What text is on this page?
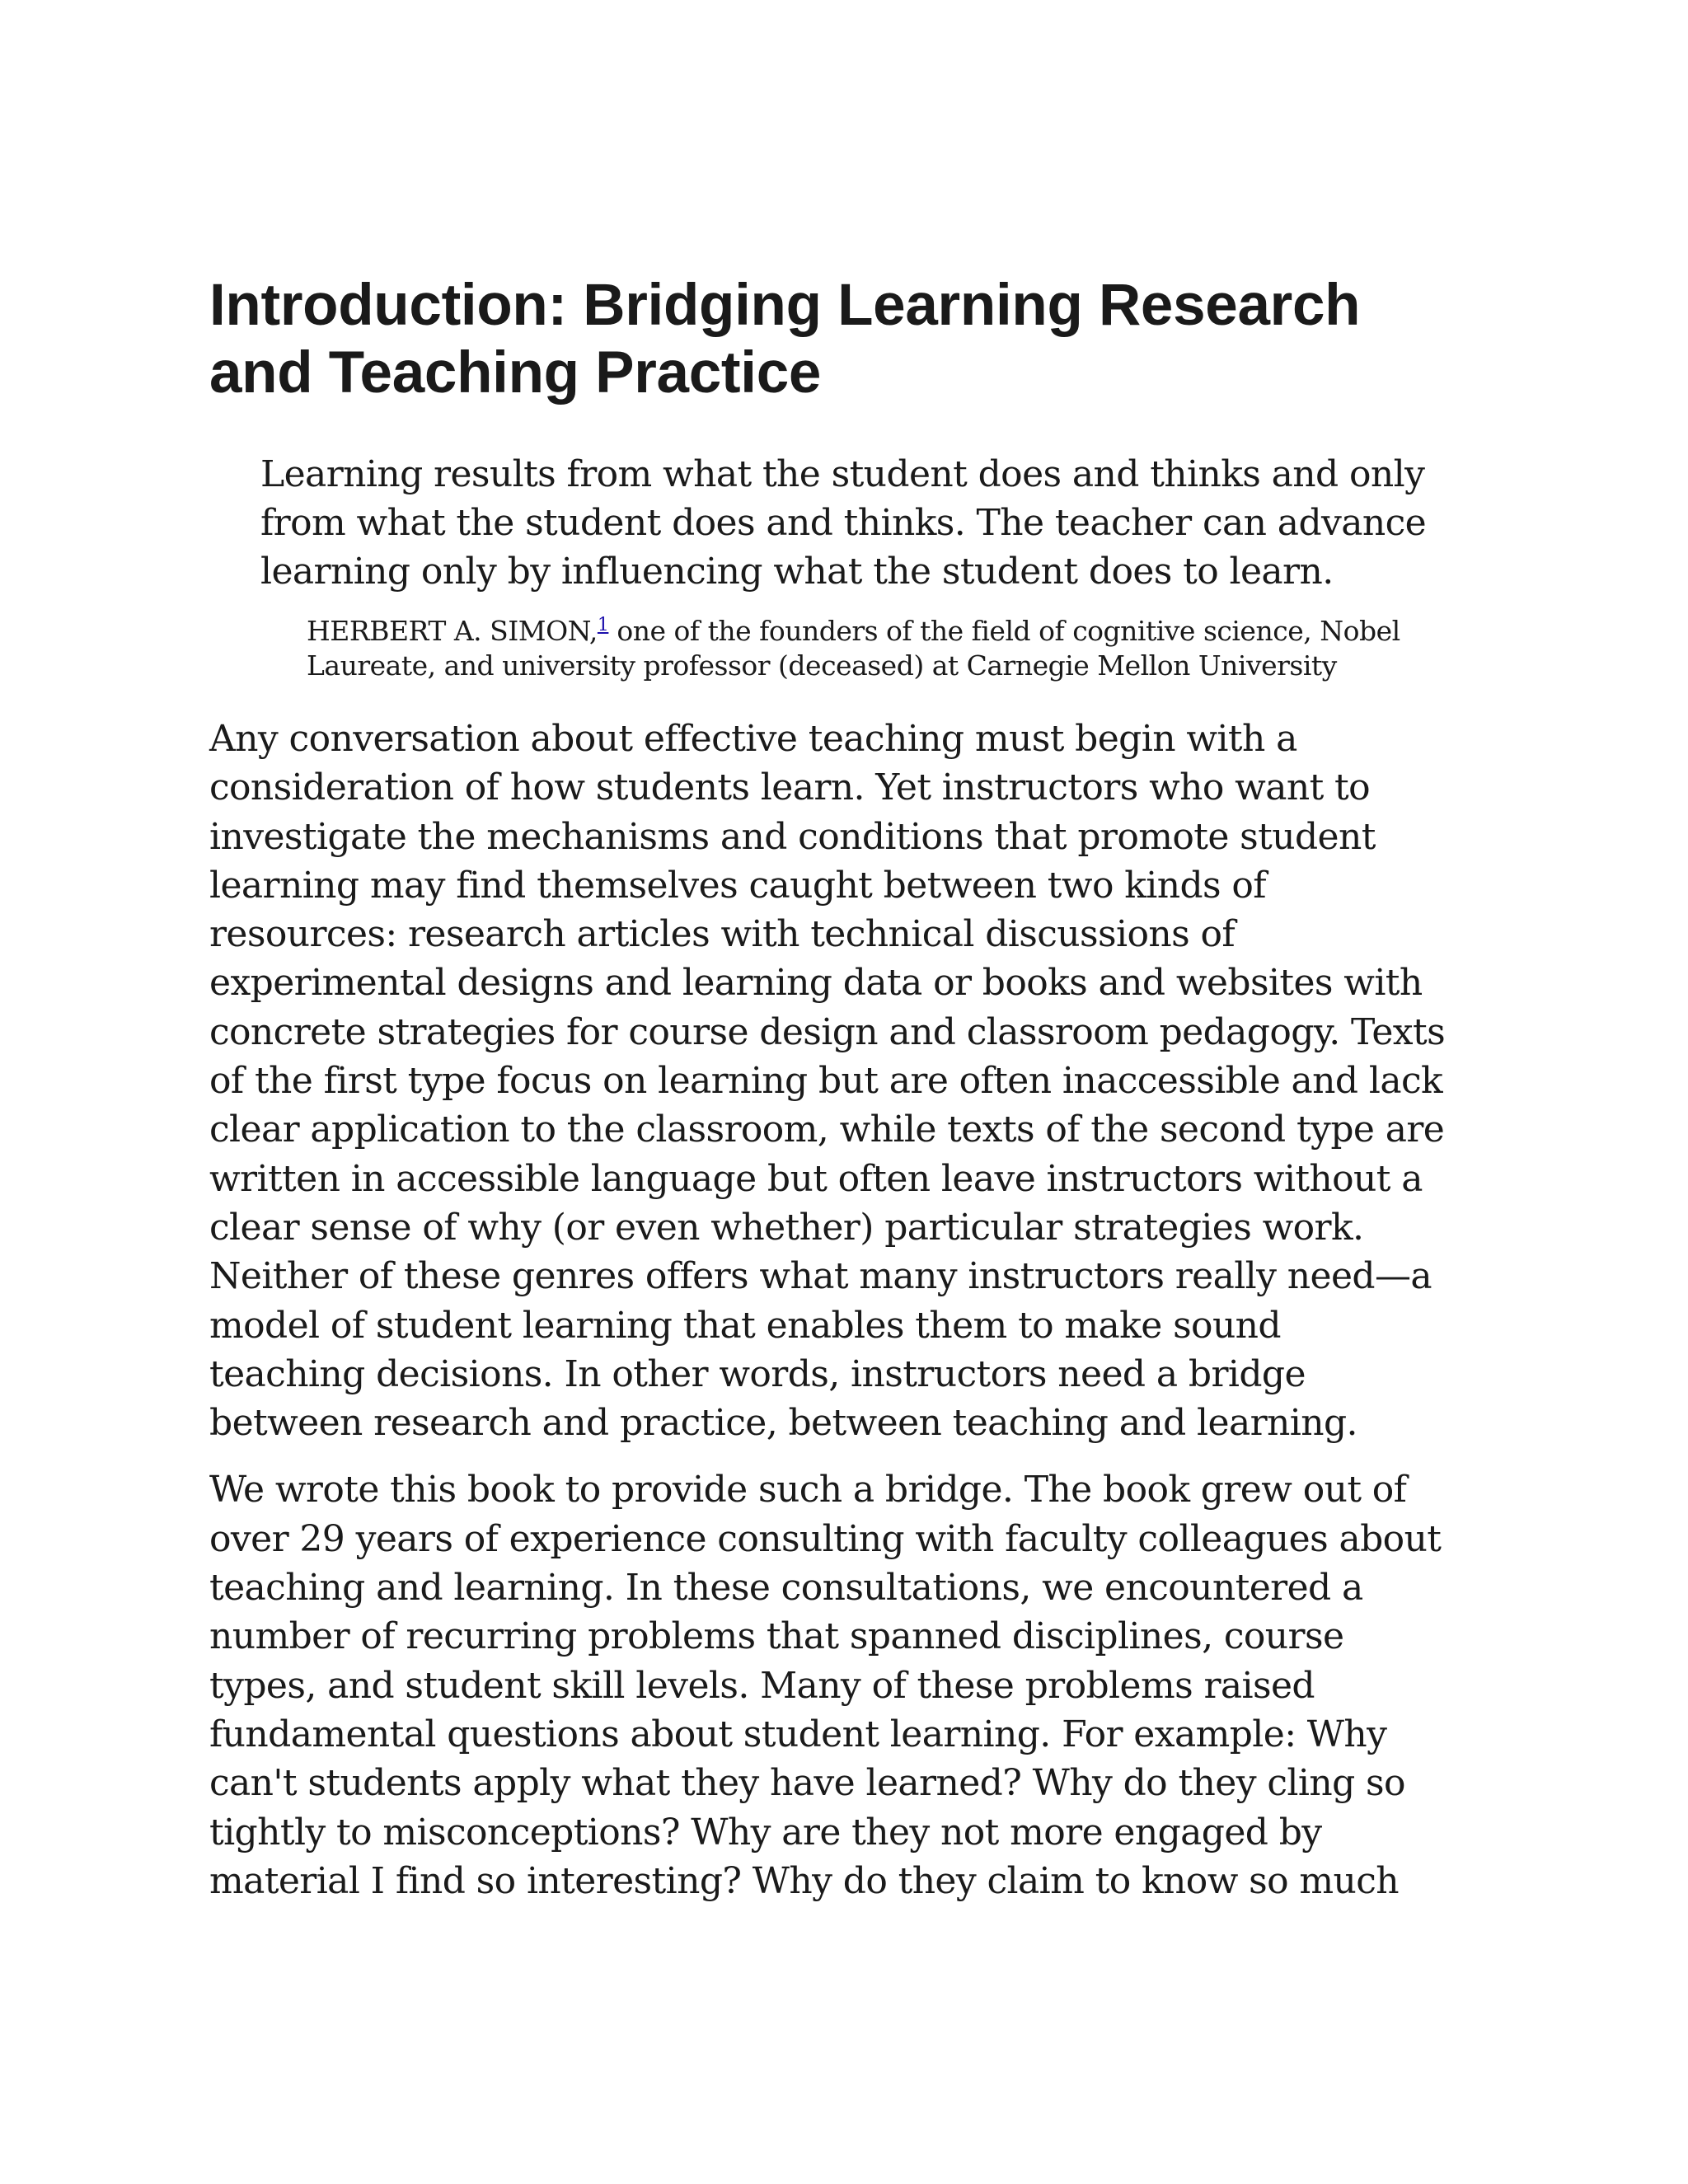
Introduction: Bridging Learning Research
and Teaching Practice

Learning results from what the student does and thinks and only
from what the student does and thinks. The teacher can advance
learning only by influencing what the student does to learn.

HERBERT A. SIMON,$^1$ one of the founders of the field of cognitive science, Nobel
Laureate, and university professor (deceased) at Carnegie Mellon University

Any conversation about effective teaching must begin with a
consideration of how students learn. Yet instructors who want to
investigate the mechanisms and conditions that promote student
learning may find themselves caught between two kinds of
resources: research articles with technical discussions of
experimental designs and learning data or books and websites with
concrete strategies for course design and classroom pedagogy. Texts
of the first type focus on learning but are often inaccessible and lack
clear application to the classroom, while texts of the second type are
written in accessible language but often leave instructors without a
clear sense of why (or even whether) particular strategies work.
Neither of these genres offers what many instructors really need—a
model of student learning that enables them to make sound
teaching decisions. In other words, instructors need a bridge
between research and practice, between teaching and learning.

We wrote this book to provide such a bridge. The book grew out of
over 29 years of experience consulting with faculty colleagues about
teaching and learning. In these consultations, we encountered a
number of recurring problems that spanned disciplines, course
types, and student skill levels. Many of these problems raised
fundamental questions about student learning. For example: Why
can't students apply what they have learned? Why do they cling so
tightly to misconceptions? Why are they not more engaged by
material I find so interesting? Why do they claim to know so much
